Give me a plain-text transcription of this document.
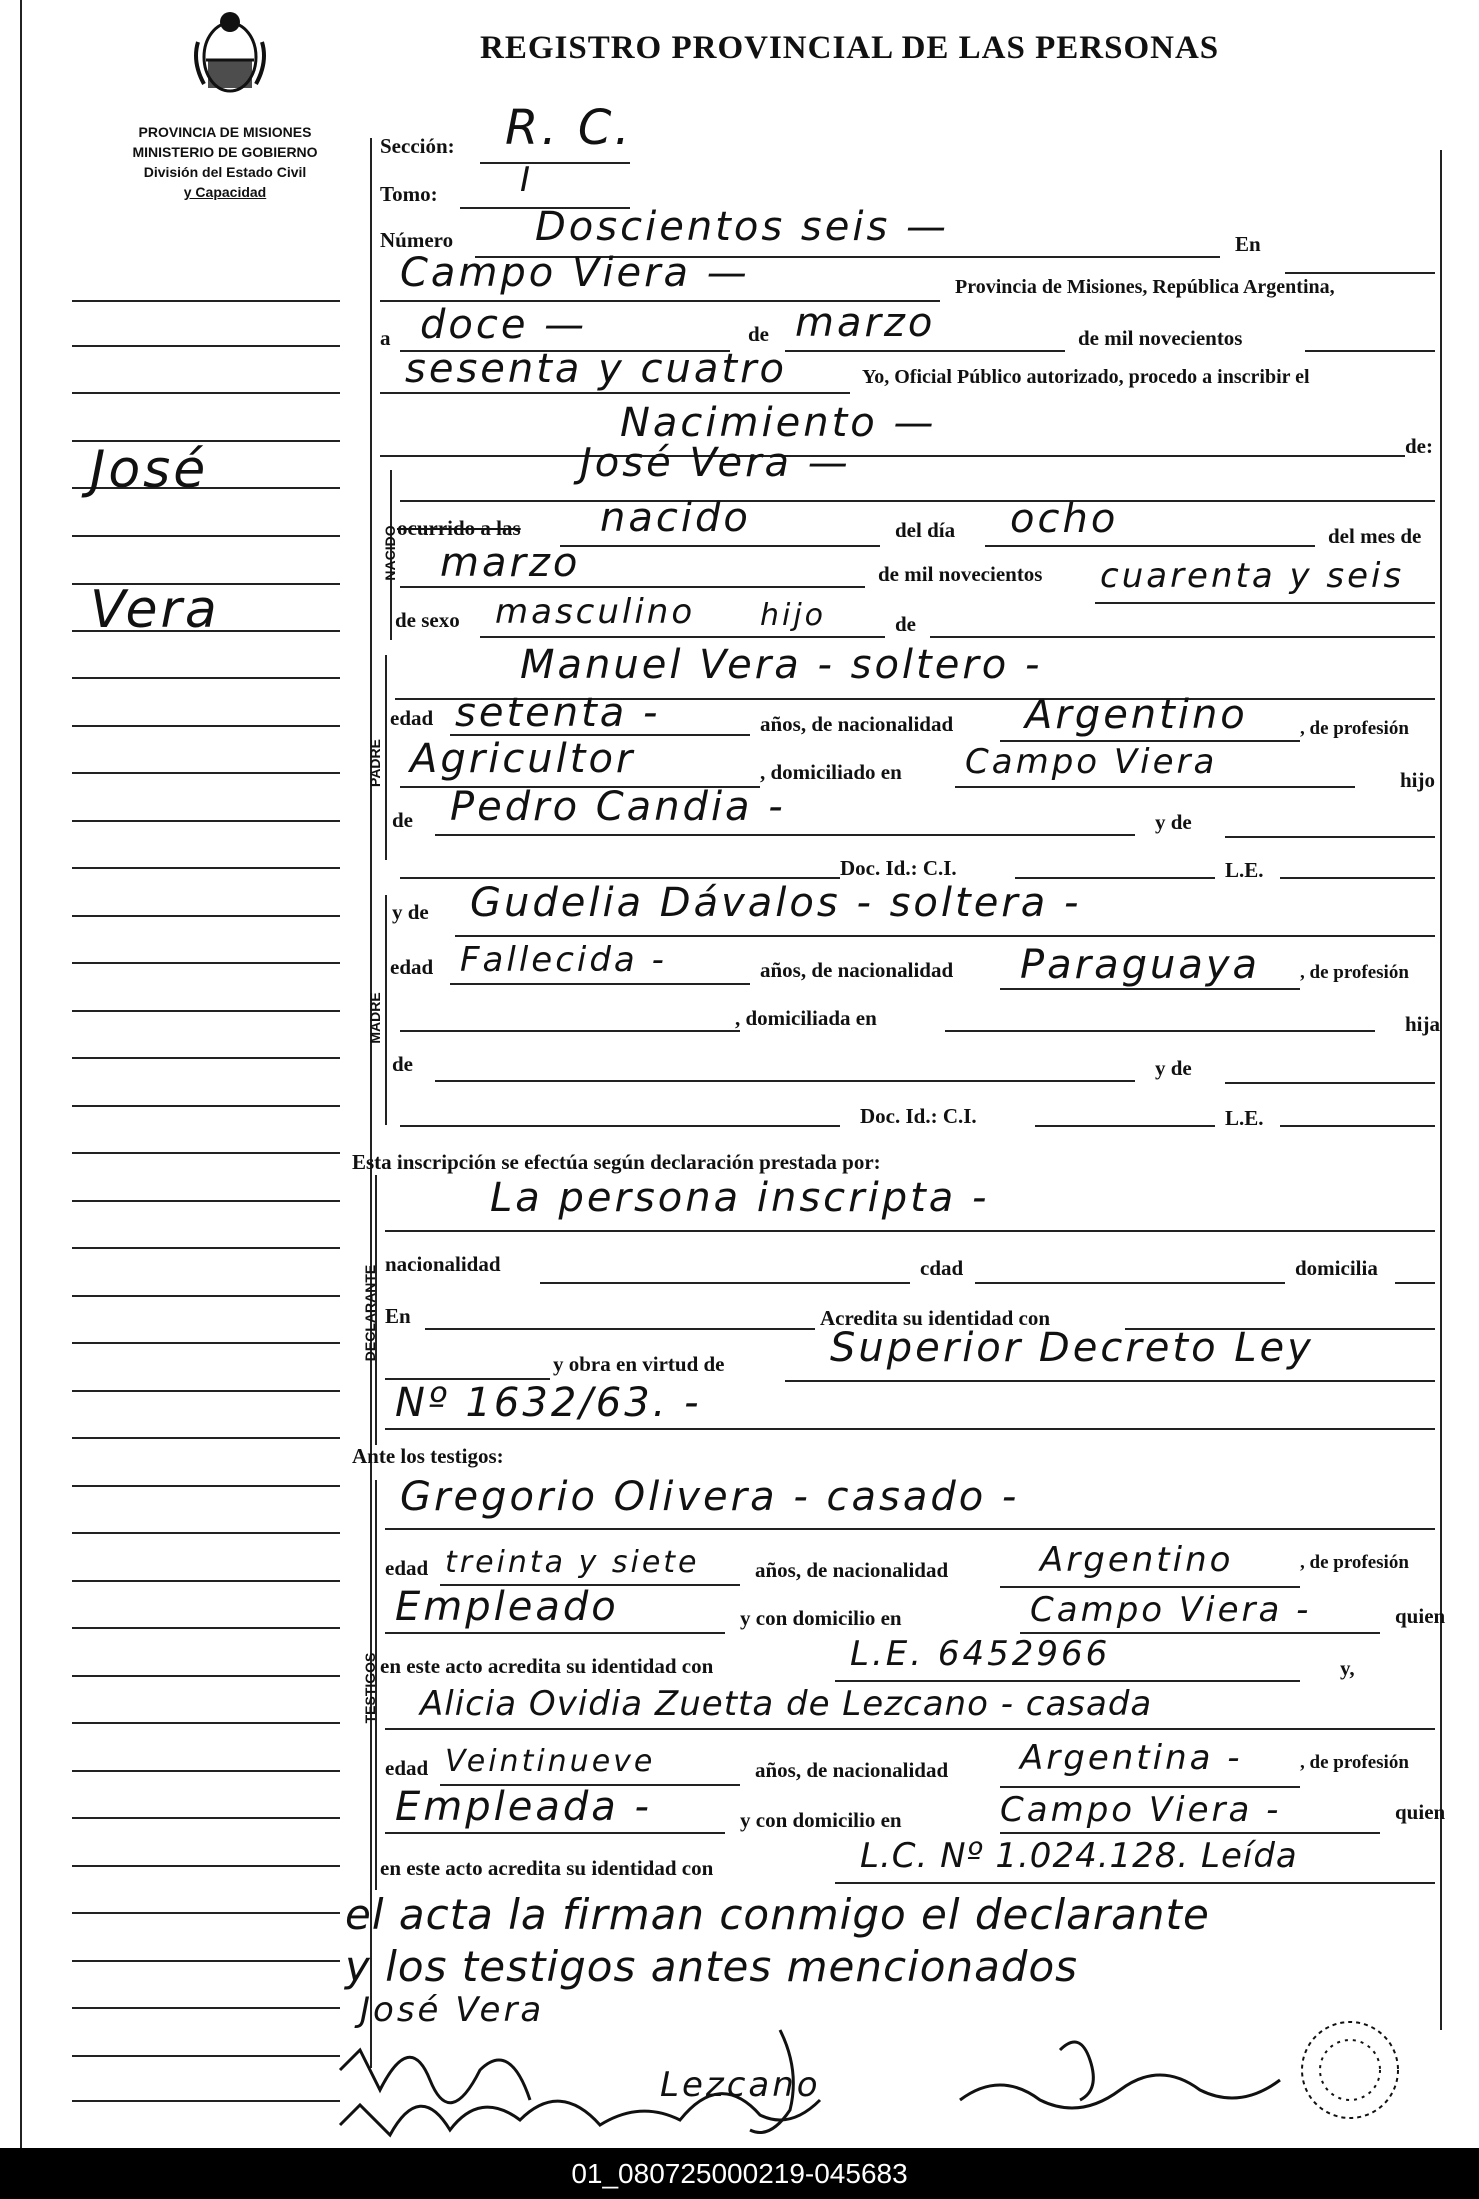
REGISTRO PROVINCIAL DE LAS PERSONAS
PROVINCIA DE MISIONES
MINISTERIO DE GOBIERNO
División del Estado Civil
y Capacidad
José
Vera
Sección: R. C.
Tomo: I
Número Doscientos seis —	En
Campo Viera —	Provincia de Misiones, República Argentina,
a doce —	de marzo	de mil novecientos
sesenta y cuatro	Yo, Oficial Público autorizado, procedo a inscribir el
Nacimiento —	de:
NACIDO
José Vera —
ocurrido a las nacido	del día ocho	del mes de
marzo	de mil novecientos cuarenta y seis
de sexo masculino hijo	de
PADRE
Manuel Vera - soltero -
edad setenta -	años, de nacionalidad Argentino	, de profesión
Agricultor	, domiciliado en Campo Viera	hijo
de Pedro Candia -	y de
Doc. Id.: C.I.	L.E.
MADRE
y de Gudelia Dávalos - soltera -
edad Fallecida -	años, de nacionalidad Paraguaya , de profesión
, domiciliada en	hija
de	y de
Doc. Id.: C.I.	L.E.
Esta inscripción se efectúa según declaración prestada por:
DECLARANTE
La persona inscripta -
nacionalidad	cdad	domicilia
En	Acredita su identidad con
y obra en virtud de	Superior Decreto Ley
Nº 1632/63. -
Ante los testigos:
TESTIGOS
Gregorio Olivera - casado -
edad treinta y siete	años, de nacionalidad	Argentino	, de profesión
Empleado	y con domicilio en	Campo Viera -	quien
en este acto acredita su identidad con	L.E. 6452966	y,
Alicia Ovidia Zuetta de Lezcano - casada
edad Veintinueve	años, de nacionalidad Argentina -	, de profesión
Empleada -	y con domicilio en	Campo Viera -	quien
en este acto acredita su identidad con	L.C. Nº 1.024.128. Leída
el acta la firman conmigo el declarante
y los testigos antes mencionados
José Vera
Lezcano
01_080725000219-045683
